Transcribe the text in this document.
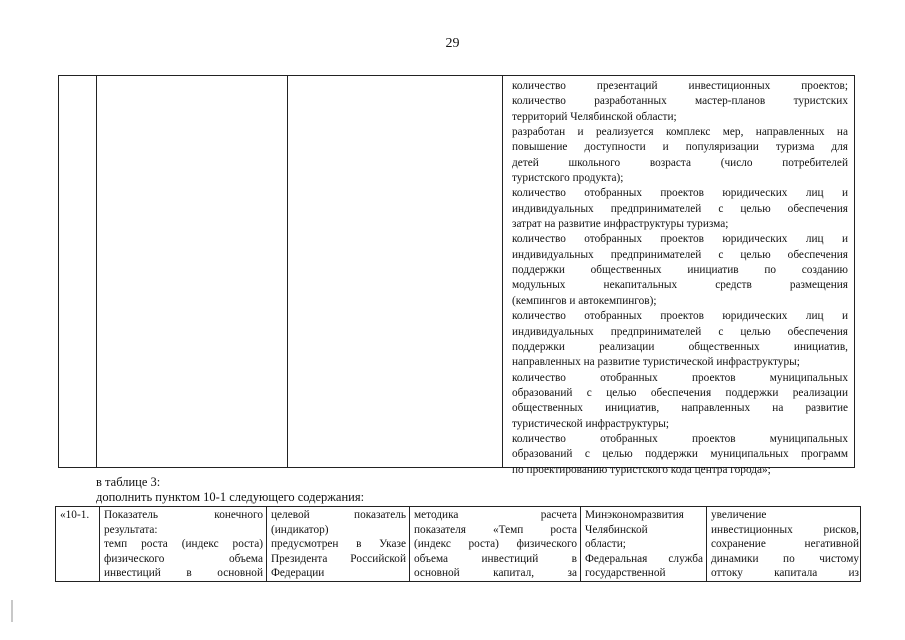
29
количество презентаций инвестиционных проектов;
количество разработанных мастер-планов туристских
территорий Челябинской области;
разработан и реализуется комплекс мер, направленных на
повышение доступности и популяризации туризма для
детей школьного возраста (число потребителей
туристского продукта);
количество отобранных проектов юридических лиц и
индивидуальных предпринимателей с целью обеспечения
затрат на развитие инфраструктуры туризма;
количество отобранных проектов юридических лиц и
индивидуальных предпринимателей с целью обеспечения
поддержки общественных инициатив по созданию
модульных некапитальных средств размещения
(кемпингов и автокемпингов);
количество отобранных проектов юридических лиц и
индивидуальных предпринимателей с целью обеспечения
поддержки реализации общественных инициатив,
направленных на развитие туристической инфраструктуры;
количество отобранных проектов муниципальных
образований с целью обеспечения поддержки реализации
общественных инициатив, направленных на развитие
туристической инфраструктуры;
количество отобранных проектов муниципальных
образований с целью поддержки муниципальных программ
по проектированию туристского кода центра города»;
в таблице 3:
дополнить пунктом 10-1 следующего содержания:
«10-1.	Показатель конечного
результата:
темп роста (индекс роста)
физического объема
инвестиций в основной
целевой показатель
(индикатор)
предусмотрен в Указе
Президента Российской
Федерации
методика расчета
показателя «Темп роста
(индекс роста) физического
объема инвестиций в
основной капитал, за
Минэкономразвития
Челябинской
области;
Федеральная служба
государственной
увеличение
инвестиционных рисков,
сохранение негативной
динамики по чистому
оттоку капитала из
